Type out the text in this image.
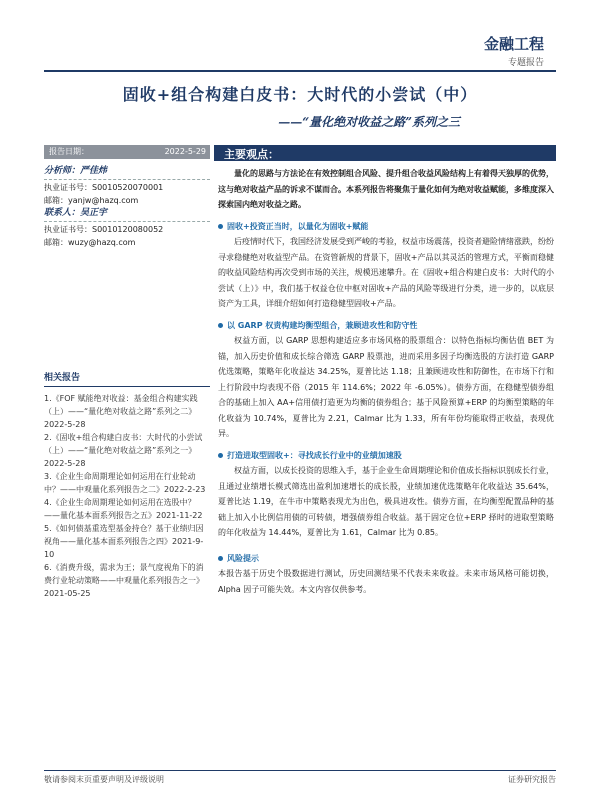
金融工程
专题报告
固收+组合构建白皮书：大时代的小尝试（中）
——“量化绝对收益之路”系列之三
报告日期：	2022-5-29
分析师：严佳炜
执业证书号：S0010520070001
邮箱：yanjw@hazq.com
联系人：吴正宇
执业证书号：S0010120080052
邮箱：wuzy@hazq.com
相关报告
1.《FOF 赋能绝对收益：基金组合构建实践（上）——“量化绝对收益之路”系列之二》2022-5-28
2.《固收+组合构建白皮书：大时代的小尝试（上）——“量化绝对收益之路”系列之一》2022-5-28
3.《企业生命周期理论如何运用在行业轮动中？——中观量化系列报告之二》2022-2-23
4.《企业生命周期理论如何运用在选股中？——量化基本面系列报告之五》2021-11-22
5.《如何债基重选型基金持仓？基于业绩归因视角——量化基本面系列报告之四》2021-9-10
6.《消费升级，需求为王；景气度视角下的消费行业轮动策略——中观量化系列报告之一》2021-05-25
主要观点：

量化的思路与方法论在有效控制组合风险、提升组合收益风险结构上有着得天独厚的优势，这与绝对收益产品的诉求不谋而合。本系列报告将聚焦于量化如何为绝对收益赋能，多维度深入探索国内绝对收益之路。

固收+投资正当时，以量化为固收+赋能

后疫情时代下，我国经济发展受到严峻的考验，权益市场震荡，投资者避险情绪涨跌，纷纷寻求稳健绝对收益型产品。在资管新规的背景下，固收+产品以其灵活的管理方式，平衡而稳健的收益风险结构再次受到市场的关注，规模迅速攀升。在《固收+组合构建白皮书：大时代的小尝试（上）》中，我们基于权益仓位中枢对固收+产品的风险等级进行分类，进一步的，以底层资产为工具，详细介绍如何打造稳健型固收+产品。

以 GARP 权责构建均衡型组合，兼顾进攻性和防守性

权益方面，以 GARP 思想构建适应多市场风格的股票组合：以特色指标均衡估值 BET 为锚，加入历史价值和成长综合筛选 GARP 股票池，进而采用多因子均衡选股的方法打造 GARP 优选策略，策略年化收益达 34.25%，夏普比达 1.18；且兼顾进攻性和防御性，在市场下行和上行阶段中均表现不俗（2015 年 114.6%；2022 年 -6.05%）。债券方面，在稳健型债券组合的基础上加入 AA+信用债打造更为均衡的债券组合；基于风险预算+ERP 的均衡型策略的年化收益为 10.74%，夏普比为 2.21，Calmar 比为 1.33，所有年份均能取得正收益，表现优异。

打造进取型固收+：寻找成长行业中的业绩加速股

权益方面，以成长投资的思维入手，基于企业生命周期理论和价值成长指标识别成长行业，且通过业绩增长模式筛选出盈利加速增长的成长股，业绩加速优选策略年化收益达 35.64%，夏普比达 1.19，在牛市中策略表现尤为出色，极具进攻性。债券方面，在均衡型配置品种的基础上加入小比例信用债的可转债，增强债券组合收益。基于固定仓位+ERP 择时的进取型策略的年化收益为 14.44%，夏普比为 1.61，Calmar 比为 0.85。

风险提示

本报告基于历史个股数据进行测试，历史回测结果不代表未来收益。未来市场风格可能切换，Alpha 因子可能失效。本文内容仅供参考。

敬请参阅末页重要声明及评级说明	证券研究报告
